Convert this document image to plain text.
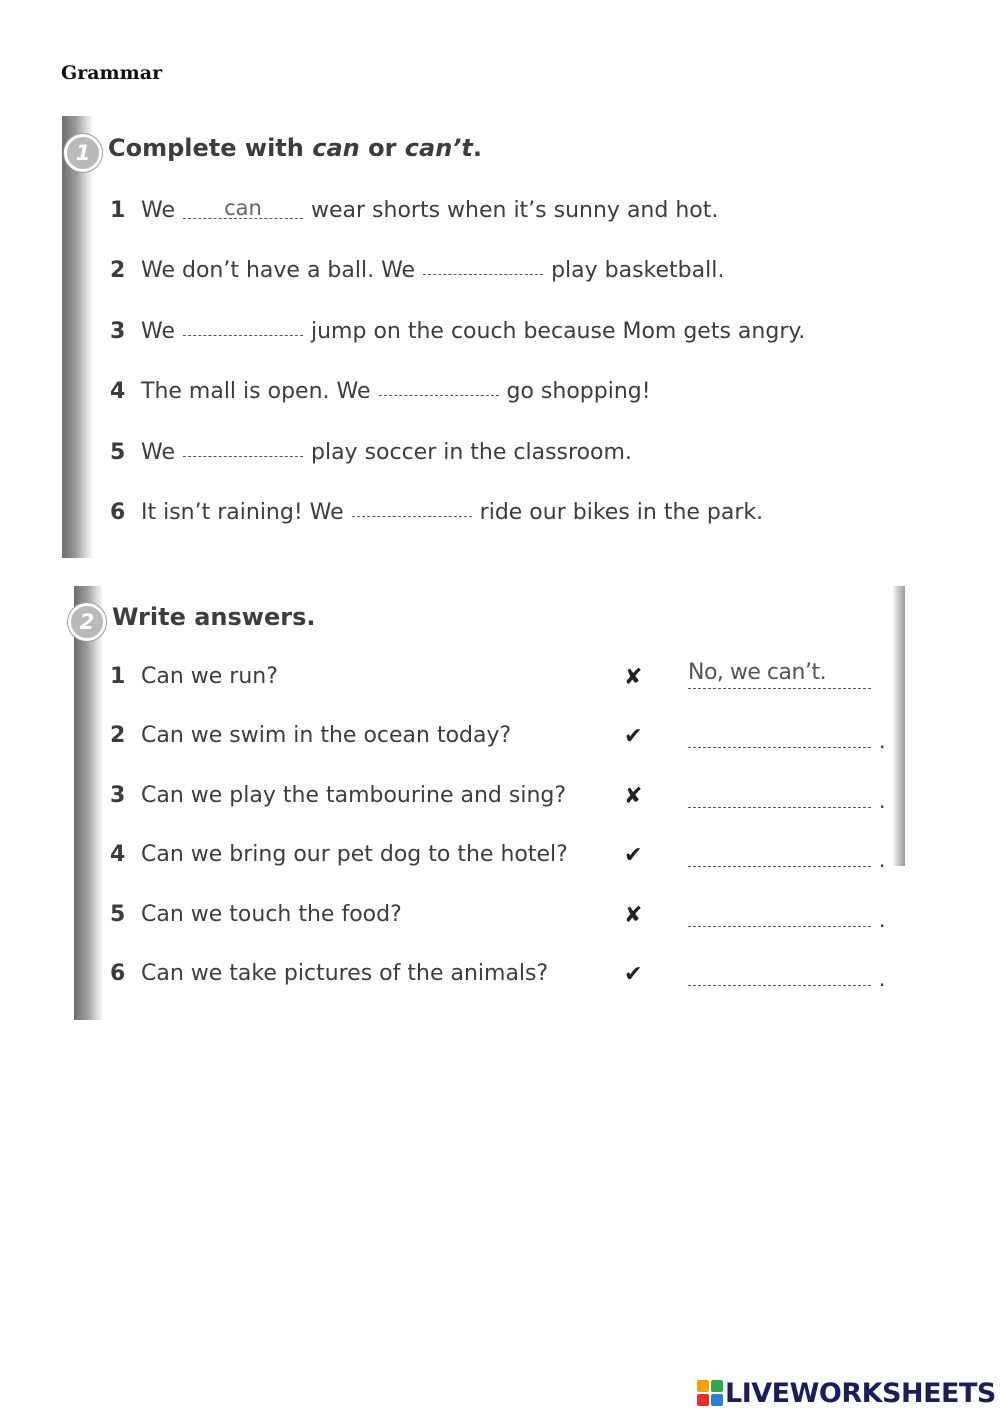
Grammar
1 Complete with can or can’t.
1 We	can	wear shorts when it’s sunny and hot.
2 We don’t have a ball. We	play basketball.
3 We	jump on the couch because Mom gets angry.
4 The mall is open. We	go shopping!
5 We	play soccer in the classroom.
6 It isn’t raining! We	ride our bikes in the park.
2 Write answers.
1 Can we run?	✘ No, we can’t.
2 Can we swim in the ocean today?	✔	.
3 Can we play the tambourine and sing?	✘	.
4 Can we bring our pet dog to the hotel?	✔	.
5 Can we touch the food?	✘	.
6 Can we take pictures of the animals?	✔	.
LIVEWORKSHEETS
